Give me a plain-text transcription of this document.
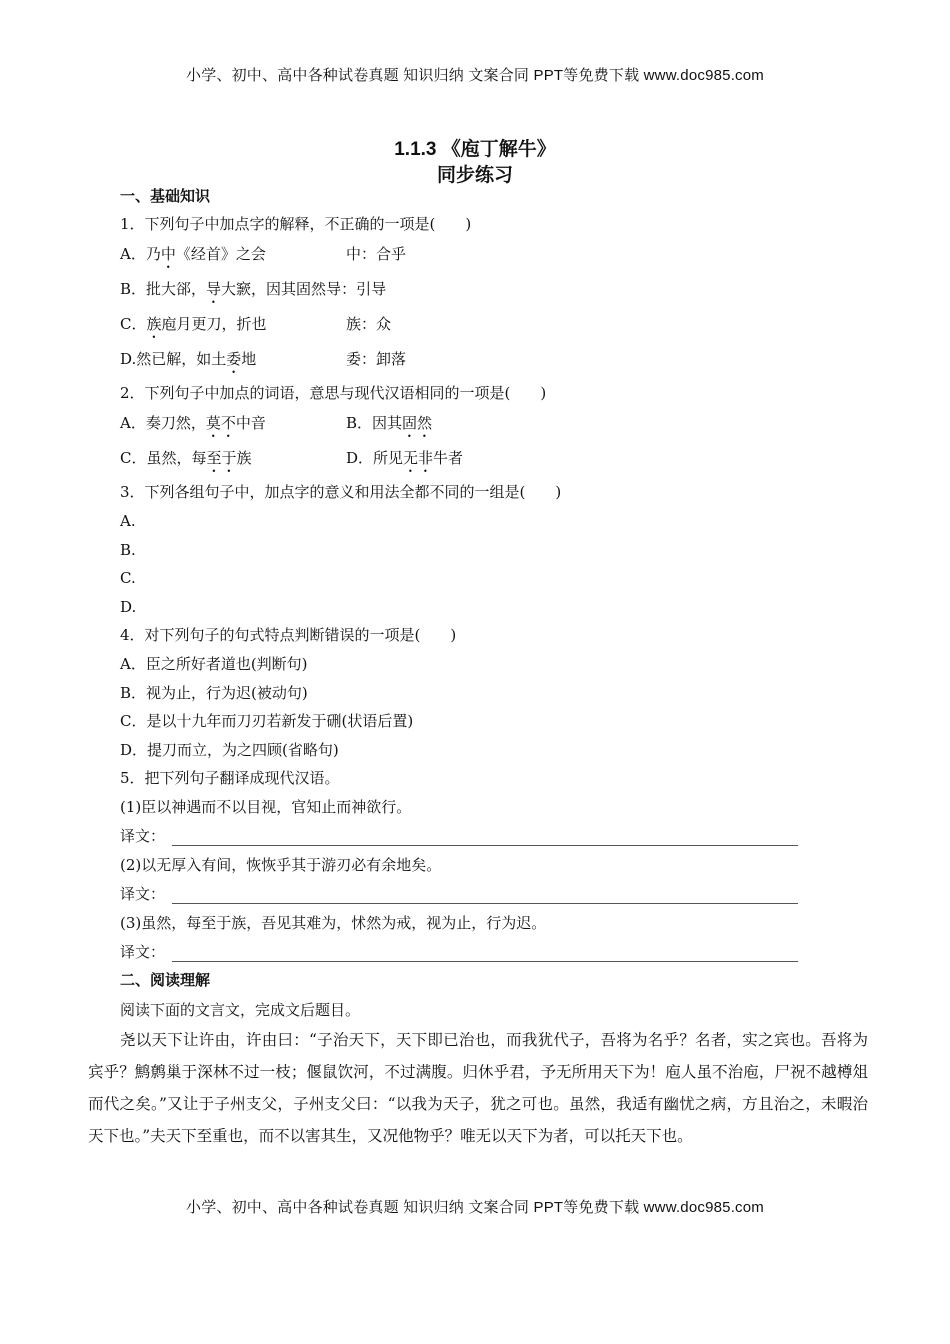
小学、初中、高中各种试卷真题 知识归纳 文案合同 PPT等免费下载 www.doc985.com
1.1.3 《庖丁解牛》
同步练习
一、基础知识
1．下列句子中加点字的解释，不正确的一项是(　　)
A．乃中《经首》之会	中：合乎
B．批大郤，导大窾，因其固然导：引导
C．族庖月更刀，折也	族：众
D.然已解，如土委地	委：卸落
2．下列句子中加点的词语，意思与现代汉语相同的一项是(　　)
A．奏刀然，莫不中音	B．因其固然
C．虽然，每至于族	D．所见无非牛者
3．下列各组句子中，加点字的意义和用法全都不同的一组是(　　)
A.
B.
C.
D.
4．对下列句子的句式特点判断错误的一项是(　　)
A．臣之所好者道也(判断句)
B．视为止，行为迟(被动句)
C．是以十九年而刀刃若新发于硎(状语后置)
D．提刀而立，为之四顾(省略句)
5．把下列句子翻译成现代汉语。
(1)臣以神遇而不以目视，官知止而神欲行。
译文：
(2)以无厚入有间，恢恢乎其于游刃必有余地矣。
译文：
(3)虽然，每至于族，吾见其难为，怵然为戒，视为止，行为迟。
译文：
二、阅读理解
阅读下面的文言文，完成文后题目。
尧以天下让许由，许由曰：“子治天下，天下即已治也，而我犹代子，吾将为名乎？名者，实之宾也。吾将为宾乎？鹪鹩巢于深林不过一枝；偃鼠饮河，不过满腹。归休乎君，予无所用天下为！庖人虽不治庖，尸祝不越樽俎而代之矣。”又让于子州支父，子州支父曰：“以我为天子，犹之可也。虽然，我适有幽忧之病，方且治之，未暇治天下也。”夫天下至重也，而不以害其生，又况他物乎？唯无以天下为者，可以托天下也。
小学、初中、高中各种试卷真题 知识归纳 文案合同 PPT等免费下载 www.doc985.com
